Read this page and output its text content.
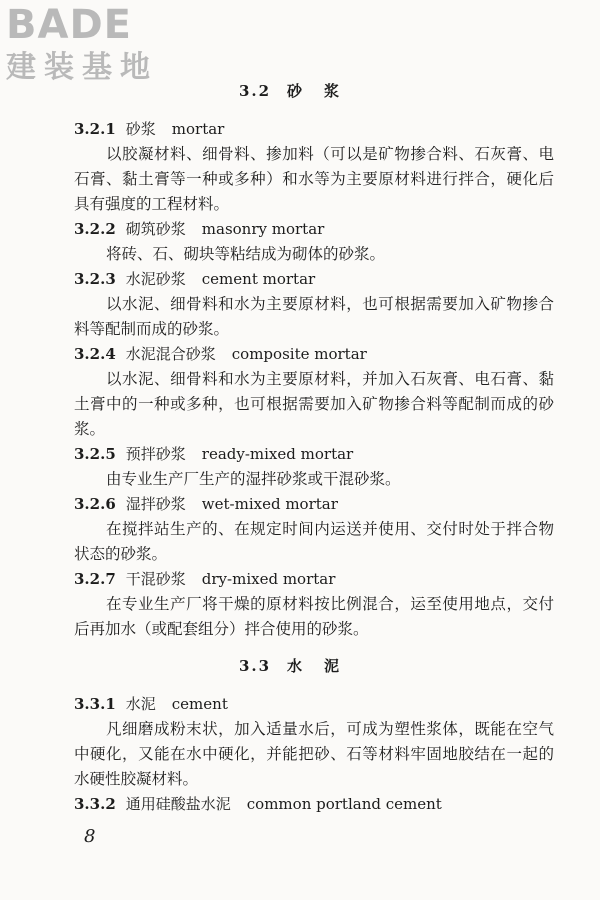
BADE
建装基地
3.2 砂浆
3.2.1 砂浆 mortar
以胶凝材料、细骨料、掺加料（可以是矿物掺合料、石灰膏、电石膏、黏土膏等一种或多种）和水等为主要原材料进行拌合，硬化后具有强度的工程材料。
3.2.2 砌筑砂浆 masonry mortar
将砖、石、砌块等粘结成为砌体的砂浆。
3.2.3 水泥砂浆 cement mortar
以水泥、细骨料和水为主要原材料，也可根据需要加入矿物掺合料等配制而成的砂浆。
3.2.4 水泥混合砂浆 composite mortar
以水泥、细骨料和水为主要原材料，并加入石灰膏、电石膏、黏土膏中的一种或多种，也可根据需要加入矿物掺合料等配制而成的砂浆。
3.2.5 预拌砂浆 ready-mixed mortar
由专业生产厂生产的湿拌砂浆或干混砂浆。
3.2.6 湿拌砂浆 wet-mixed mortar
在搅拌站生产的、在规定时间内运送并使用、交付时处于拌合物状态的砂浆。
3.2.7 干混砂浆 dry-mixed mortar
在专业生产厂将干燥的原材料按比例混合，运至使用地点，交付后再加水（或配套组分）拌合使用的砂浆。
3.3 水泥
3.3.1 水泥 cement
凡细磨成粉末状，加入适量水后，可成为塑性浆体，既能在空气中硬化，又能在水中硬化，并能把砂、石等材料牢固地胶结在一起的水硬性胶凝材料。
3.3.2 通用硅酸盐水泥 common portland cement
8
